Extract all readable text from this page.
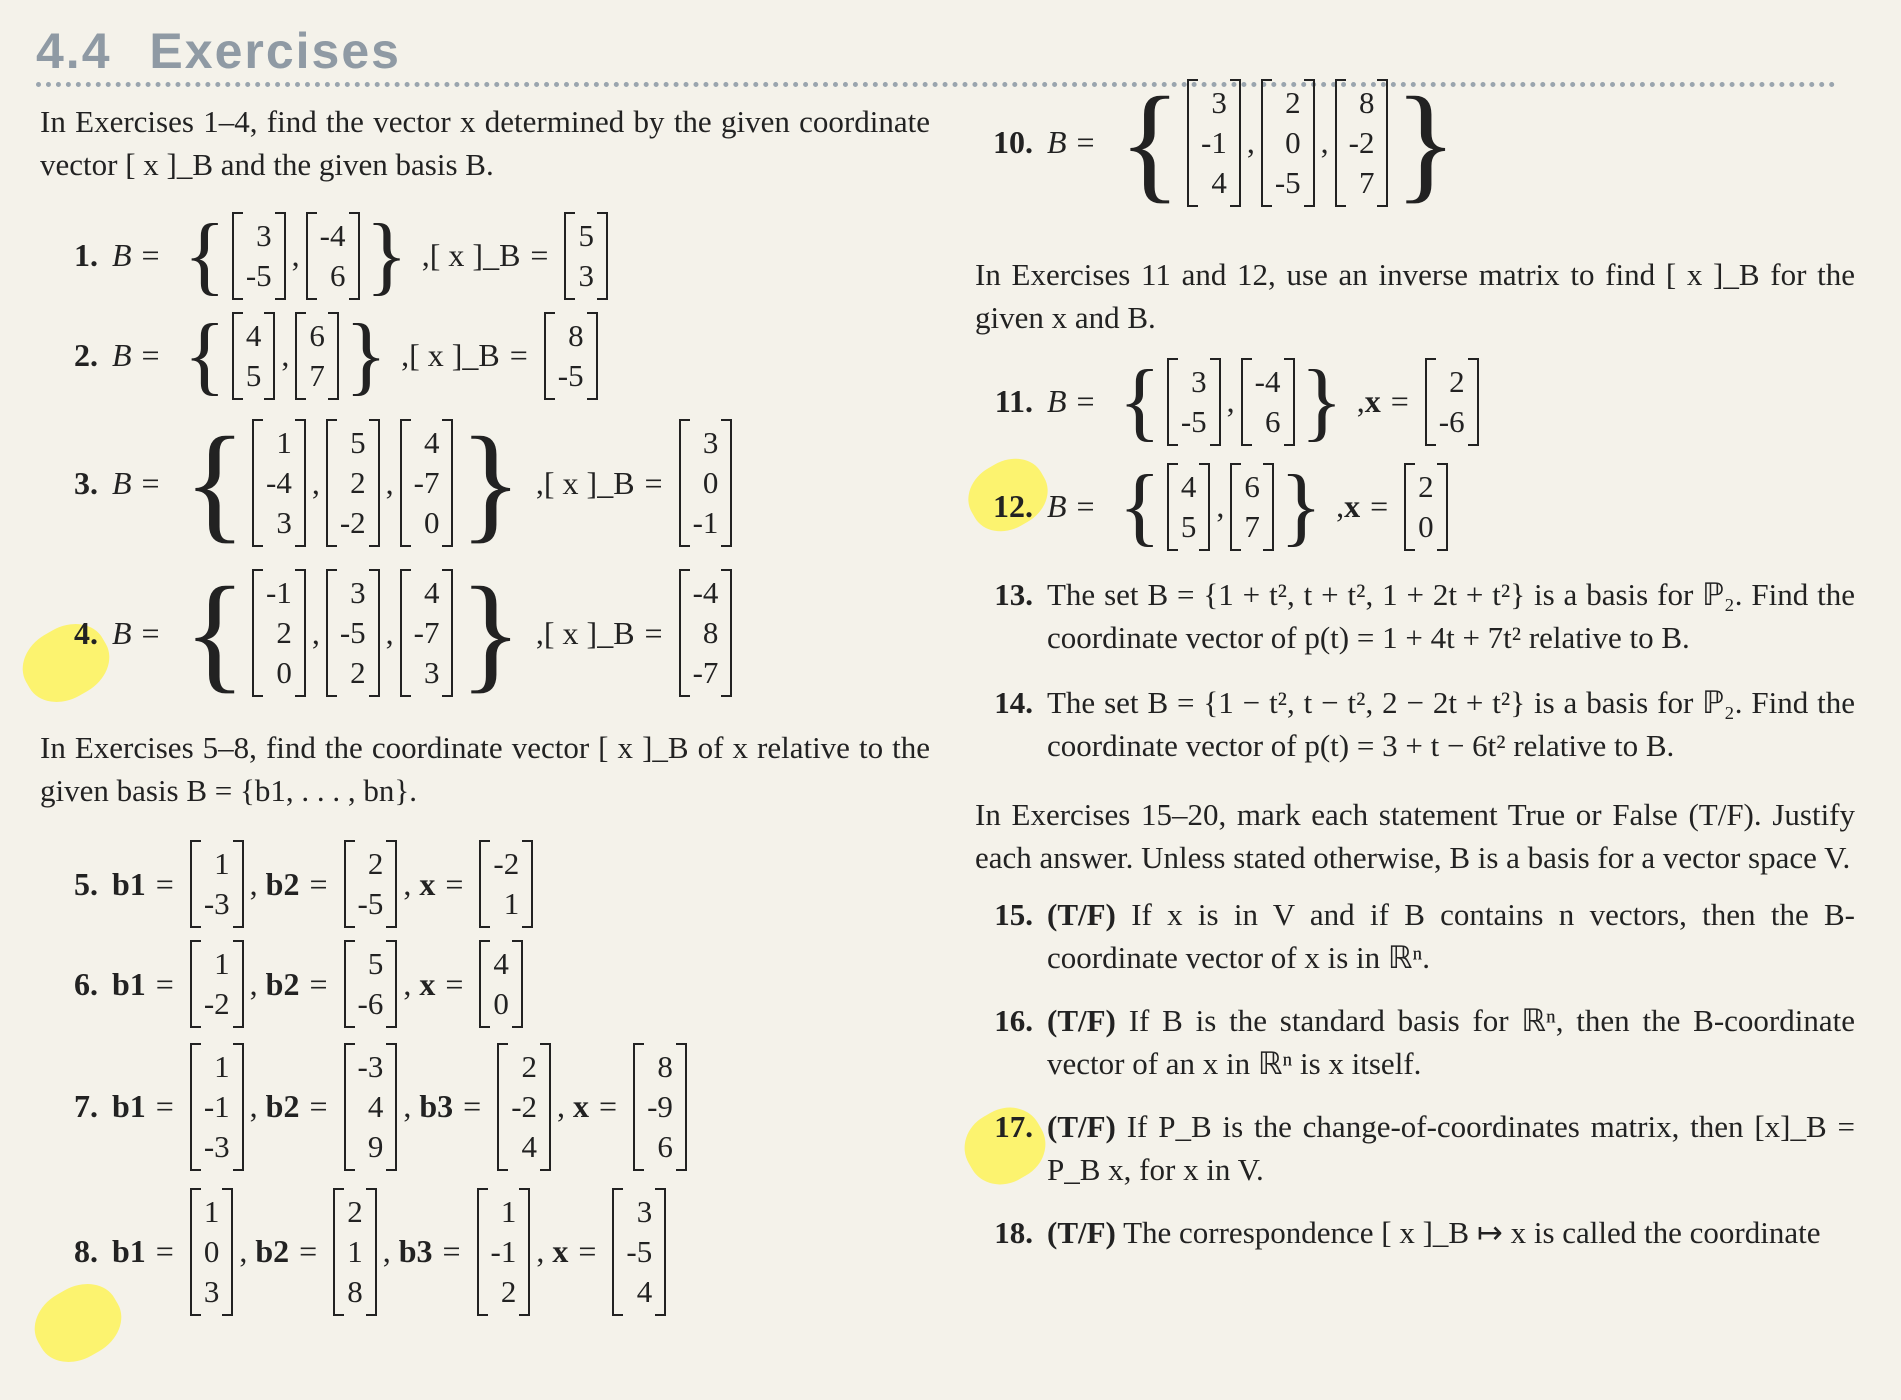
4.4 Exercises

In Exercises 1–4, find the vector x determined by the given coordinate vector [ x ]_B and the given basis B.

1. B = { 3
-5
,
-4
6 } , [ x ]_B =
5
3
2. B = { 4
5
,
6
7 } , [ x ]_B =
8
-5
3. B = { 1
-4
3
,
5
2
-2
,
4
-7
0 } , [ x ]_B =
3
0
-1
4. B = { -1
2
0
,
3
-5
2
,
4
-7
3 } , [ x ]_B =
-4
8
-7

In Exercises 5–8, find the coordinate vector [ x ]_B of x relative to the given basis B = {b1, . . . , bn}.

5. b1 =
1
-3
, b2 =
2
-5
, x =
-2
1
6. b1 =
1
-2
, b2 =
5
-6
, x =
4
0
7. b1 =
1
-1
-3
, b2 =
-3
4
9
, b3 =
2
-2
4
, x =
8
-9
6
8. b1 =
1
0
3
, b2 =
2
1
8
, b3 =
1
-1
2
, x =
3
-5
4
10. B = { 3
-1
4
,
2
0
-5
,
8
-2
7 }

In Exercises 11 and 12, use an inverse matrix to find [ x ]_B for the given x and B.

11. B = { 3
-5
,
-4
6 } , x =
2
-6
12. B = { 4
5
,
6
7 } , x =
2
0
13. The set B = {1 + t², t + t², 1 + 2t + t²} is a basis for ℙ₂. Find the coordinate vector of p(t) = 1 + 4t + 7t² relative to B.
14. The set B = {1 − t², t − t², 2 − 2t + t²} is a basis for ℙ₂. Find the coordinate vector of p(t) = 3 + t − 6t² relative to B.

In Exercises 15–20, mark each statement True or False (T/F). Justify each answer. Unless stated otherwise, B is a basis for a vector space V.

15. (T/F) If x is in V and if B contains n vectors, then the B-coordinate vector of x is in ℝⁿ.
16. (T/F) If B is the standard basis for ℝⁿ, then the B-coordinate vector of an x in ℝⁿ is x itself.
17. (T/F) If P_B is the change-of-coordinates matrix, then [x]_B = P_B x, for x in V.
18. (T/F) The correspondence [ x ]_B ↦ x is called the coordinate
